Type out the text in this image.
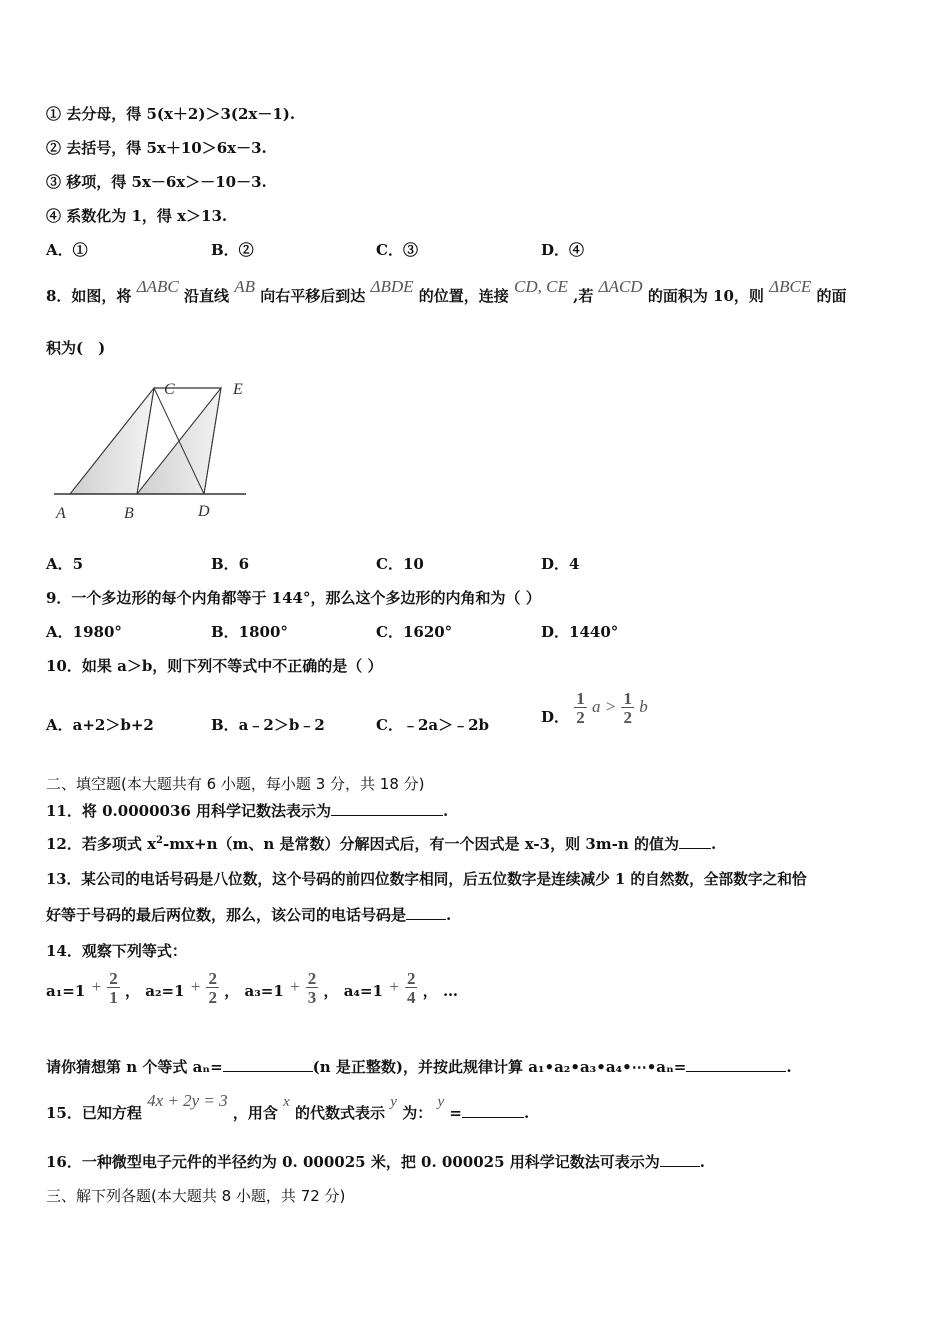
① 去分母，得 5(x＋2)＞3(2x－1).
② 去括号，得 5x＋10＞6x－3.
③ 移项，得 5x－6x＞－10－3.
④ 系数化为 1，得 x＞13.
A．①	B．②	C．③	D．④
8．如图，将 ΔABC 沿直线 AB 向右平移后到达 ΔBDE 的位置，连接 CD, CE ,若 ΔACD 的面积为 10，则 ΔBCE 的面
积为(　)
A	B
C
D
E
A．5	B．6	C．10	D．4
9．一个多边形的每个内角都等于 144°，那么这个多边形的内角和为（ ）
A．1980°	B．1800°	C．1620°	D．1440°
10．如果 a＞b，则下列不等式中不正确的是（ ）
A．a+2＞b+2	B．a﹣2＞b﹣2	C．﹣2a＞﹣2b	D． $\frac{1}{2}$ $a > \frac{1}{2}$ b
二、填空题(本大题共有 6 小题，每小题 3 分，共 18 分)
11．将 0.0000036 用科学记数法表示为	.
12．若多项式 $x^2-mx+n(m$、n 是常数）分解因式后，有一个因式是 x-3，则 3m-n 的值为 .
13．某公司的电话号码是八位数，这个号码的前四位数字相同，后五位数字是连续减少 1 的自然数，全部数字之和恰
好等于号码的最后两位数，那么，该公司的电话号码是	.
14．观察下列等式：
$a_1=1 + \frac{2}{1}$ ， $a_2=1 + \frac{2}{2}$ ， $a_3=1 + \frac{2}{3}$ ， $a_4=1 + \frac{2}{4}$ ， …
请你猜想第 n 个等式 aₙ=	(n 是正整数)，并按此规律计算 a₁•a₂•a₃•a₄•⋯•aₙ=	.
15．已知方程 4x + 2y = 3 ，用含 x 的代数式表示 y 为： y =	.
16．一种微型电子元件的半径约为 0. 000025 米，把 0. 000025 用科学记数法可表示为	.
三、解下列各题(本大题共 8 小题，共 72 分)
